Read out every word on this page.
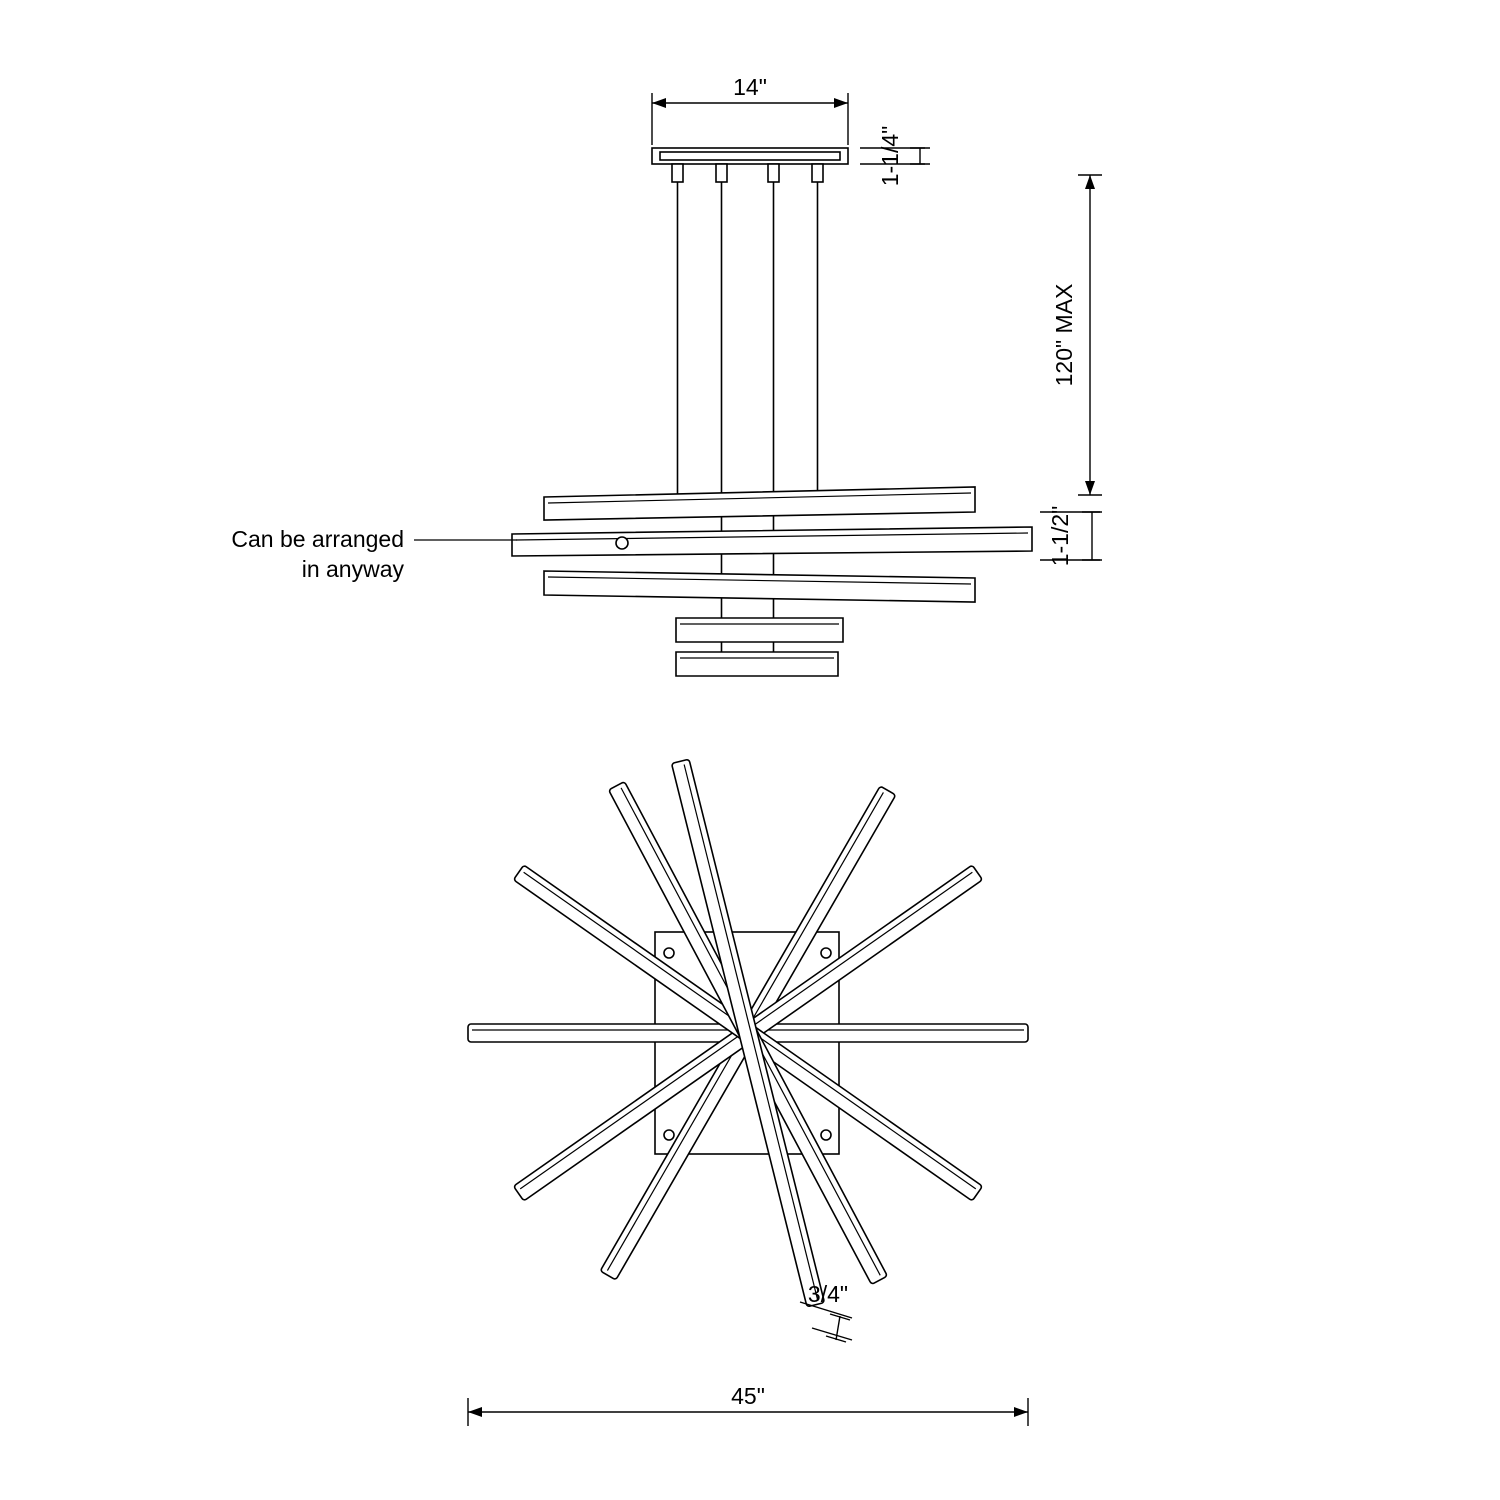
14"
1-1/4"
120" MAX
1-1/2"
Can be arranged
in anyway
3/4"
45"
